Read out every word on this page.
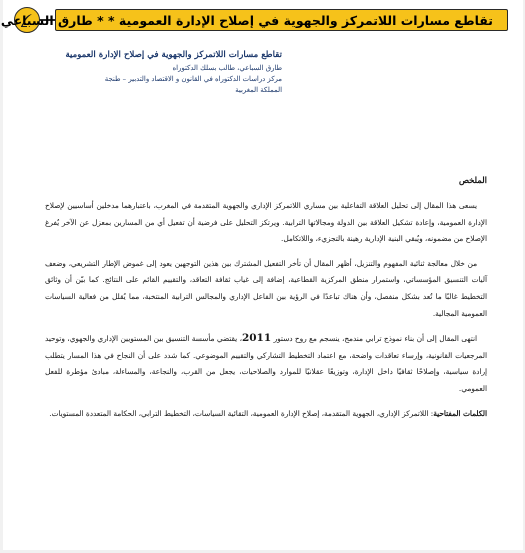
تقاطع مسارات اللاتمركز والجهوية في إصلاح الإدارة العمومية * * طارق السباعي
تقاطع مسارات اللاتمركز والجهوية في إصلاح الإدارة العمومية
طارق السباعي، طالب بسلك الدكتوراه
مركز دراسات الدكتوراه في القانون و الاقتصاد والتدبير – طنجة
المملكة المغربية
الملخص

يسعى هذا المقال إلى تحليل العلاقة التفاعلية بين مساري اللاتمركز الإداري والجهوية المتقدمة في المغرب، باعتبارهما مدخلين أساسيين لإصلاح الإدارة العمومية، وإعادة تشكيل العلاقة بين الدولة ومجالاتها الترابية. ويرتكز التحليل على فرضية أن تفعيل أي من المسارين بمعزل عن الآخر يُفرغ الإصلاح من مضمونه، ويُبقي البنية الإدارية رهينة بالتجزيء، واللاتكامل.

من خلال معالجة ثنائية المفهوم والتنزيل، أظهر المقال أن تأخر التفعيل المشترك بين هذين التوجهين يعود إلى غموض الإطار التشريعي، وضعف آليات التنسيق المؤسساتي، واستمرار منطق المركزية القطاعية، إضافة إلى غياب ثقافة التعاقد، والتقييم القائم على النتائج. كما بيّن أن وثائق التخطيط غالبًا ما تُعد بشكل منفصل، وأن هناك تباعدًا في الرؤية بين الفاعل الإداري والمجالس الترابية المنتخبة، مما يُقلل من فعالية السياسات العمومية المجالية.

انتهى المقال إلى أن بناء نموذج ترابي مندمج، ينسجم مع روح دستور 2011، يقتضي مأسسة التنسيق بين المستويين الإداري والجهوي، وتوحيد المرجعيات القانونية، وإرساء تعاقدات واضحة، مع اعتماد التخطيط التشاركي والتقييم الموضوعي. كما شدد على أن النجاح في هذا المسار يتطلب إرادة سياسية، وإصلاحًا ثقافيًا داخل الإدارة، وتوزيعًا عقلانيًا للموارد والصلاحيات، يجعل من القرب، والنجاعة، والمساءلة، مبادئ مؤطرة للفعل العمومي.

الكلمات المفتاحية: اللاتمركز الإداري، الجهوية المتقدمة، إصلاح الإدارة العمومية، التقائية السياسات، التخطيط الترابي، الحكامة المتعددة المستويات.
